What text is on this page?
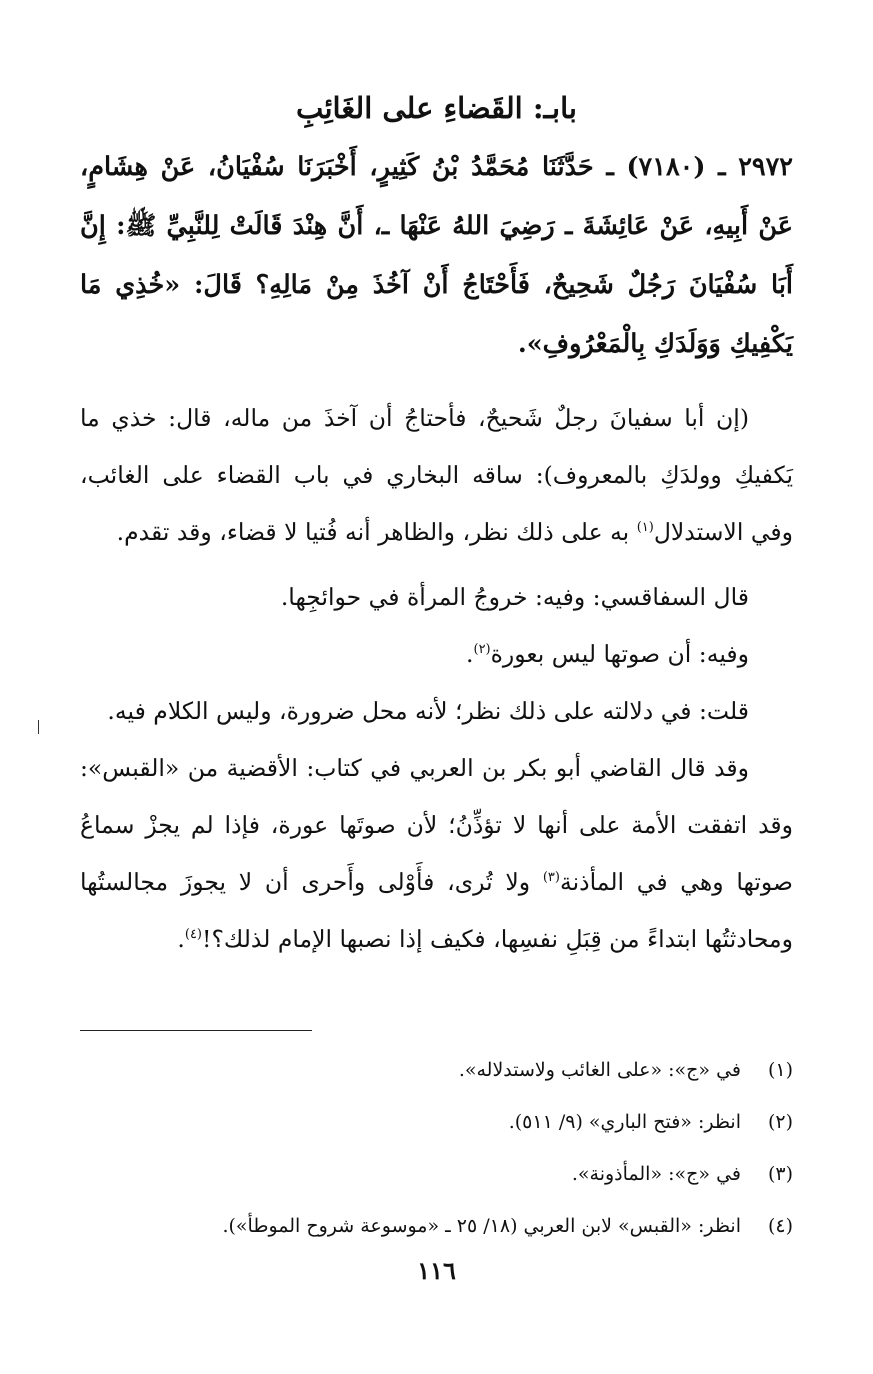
بابـ: القَضاءِ على الغَائِبِ

٢٩٧٢ ـ (٧١٨٠) ـ حَدَّثَنَا مُحَمَّدُ بْنُ كَثِيرٍ، أَخْبَرَنَا سُفْيَانُ، عَنْ هِشَامٍ، عَنْ أَبِيهِ، عَنْ عَائِشَةَ ـ رَضِيَ اللهُ عَنْهَا ـ، أَنَّ هِنْدَ قَالَتْ لِلنَّبِيِّ ﷺ: إِنَّ أَبَا سُفْيَانَ رَجُلٌ شَحِيحٌ، فَأَحْتَاجُ أَنْ آخُذَ مِنْ مَالِهِ؟ قَالَ: «خُذِي مَا يَكْفِيكِ وَوَلَدَكِ بِالْمَعْرُوفِ».

(إن أبا سفيانَ رجلٌ شَحيحٌ، فأحتاجُ أن آخذَ من ماله، قال: خذي ما يَكفيكِ وولدَكِ بالمعروف): ساقه البخاري في باب القضاء على الغائب، وفي الاستدلال$^{(١)}$ به على ذلك نظر، والظاهر أنه فُتيا لا قضاء، وقد تقدم.

قال السفاقسي: وفيه: خروجُ المرأة في حوائجِها.

وفيه: أن صوتها ليس بعورة$^{(٢)}$.

قلت: في دلالته على ذلك نظر؛ لأنه محل ضرورة، وليس الكلام فيه.

وقد قال القاضي أبو بكر بن العربي في كتاب: الأقضية من «القبس»: وقد اتفقت الأمة على أنها لا تؤذِّنُ؛ لأن صوتَها عورة، فإذا لم يجزْ سماعُ صوتها وهي في المأذنة$^{(٣)}$ ولا تُرى، فأَوْلى وأَحرى أن لا يجوزَ مجالستُها ومحادثتُها ابتداءً من قِبَلِ نفسِها، فكيف إذا نصبها الإمام لذلك؟!$^{(٤)}$.

(١)
في «ج»: «على الغائب ولاستدلاله».
(٢)
انظر: «فتح الباري» (٩/ ٥١١).
(٣)
في «ج»: «المأذونة».
(٤)
انظر: «القبس» لابن العربي (١٨/ ٢٥ ـ «موسوعة شروح الموطأ»).
١١٦
